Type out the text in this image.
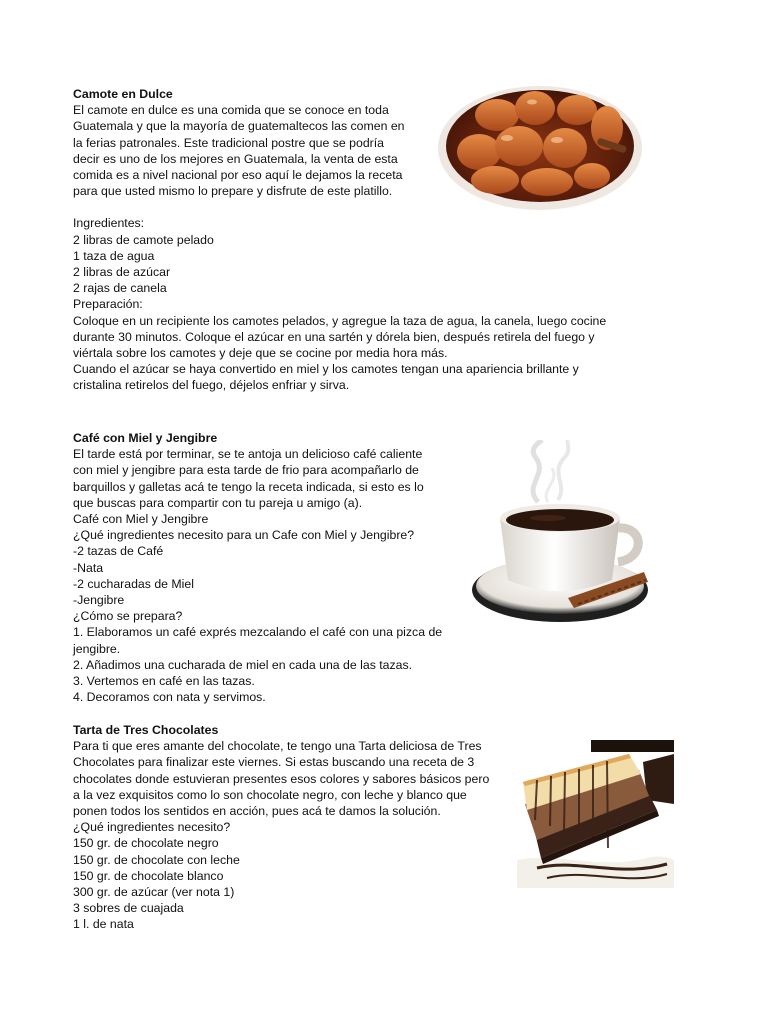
Camote en Dulce
El camote en dulce es una comida que se conoce en toda
Guatemala y que la mayoría de guatemaltecos las comen en
la ferias patronales. Este tradicional postre que se podría
decir es uno de los mejores en Guatemala, la venta de esta
comida es a nivel nacional por eso aquí le dejamos la receta
para que usted mismo lo prepare y disfrute de este platillo.
Ingredientes:
2 libras de camote pelado
1 taza de agua
2 libras de azúcar
2 rajas de canela
Preparación:
Coloque en un recipiente los camotes pelados, y agregue la taza de agua, la canela, luego cocine
durante 30 minutos. Coloque el azúcar en una sartén y dórela bien, después retirela del fuego y
viértala sobre los camotes y deje que se cocine por media hora más.
Cuando el azúcar se haya convertido en miel y los camotes tengan una apariencia brillante y
cristalina retirelos del fuego, déjelos enfriar y sirva.
Café con Miel y Jengibre
El tarde está por terminar, se te antoja un delicioso café caliente
con miel y jengibre para esta tarde de frio para acompañarlo de
barquillos y galletas acá te tengo la receta indicada, si esto es lo
que buscas para compartir con tu pareja u amigo (a).
Café con Miel y Jengibre
¿Qué ingredientes necesito para un Cafe con Miel y Jengibre?
-2 tazas de Café
-Nata
-2 cucharadas de Miel
-Jengibre
¿Cómo se prepara?
1. Elaboramos un café exprés mezcalando el café con una pizca de
jengibre.
2. Añadimos una cucharada de miel en cada una de las tazas.
3. Vertemos en café en las tazas.
4. Decoramos con nata y servimos.
Tarta de Tres Chocolates
Para ti que eres amante del chocolate, te tengo una Tarta deliciosa de Tres
Chocolates para finalizar este viernes. Si estas buscando una receta de 3
chocolates donde estuvieran presentes esos colores y sabores básicos pero
a la vez exquisitos como lo son chocolate negro, con leche y blanco que
ponen todos los sentidos en acción, pues acá te damos la solución.
¿Qué ingredientes necesito?
150 gr. de chocolate negro
150 gr. de chocolate con leche
150 gr. de chocolate blanco
300 gr. de azúcar (ver nota 1)
3 sobres de cuajada
1 l. de nata
